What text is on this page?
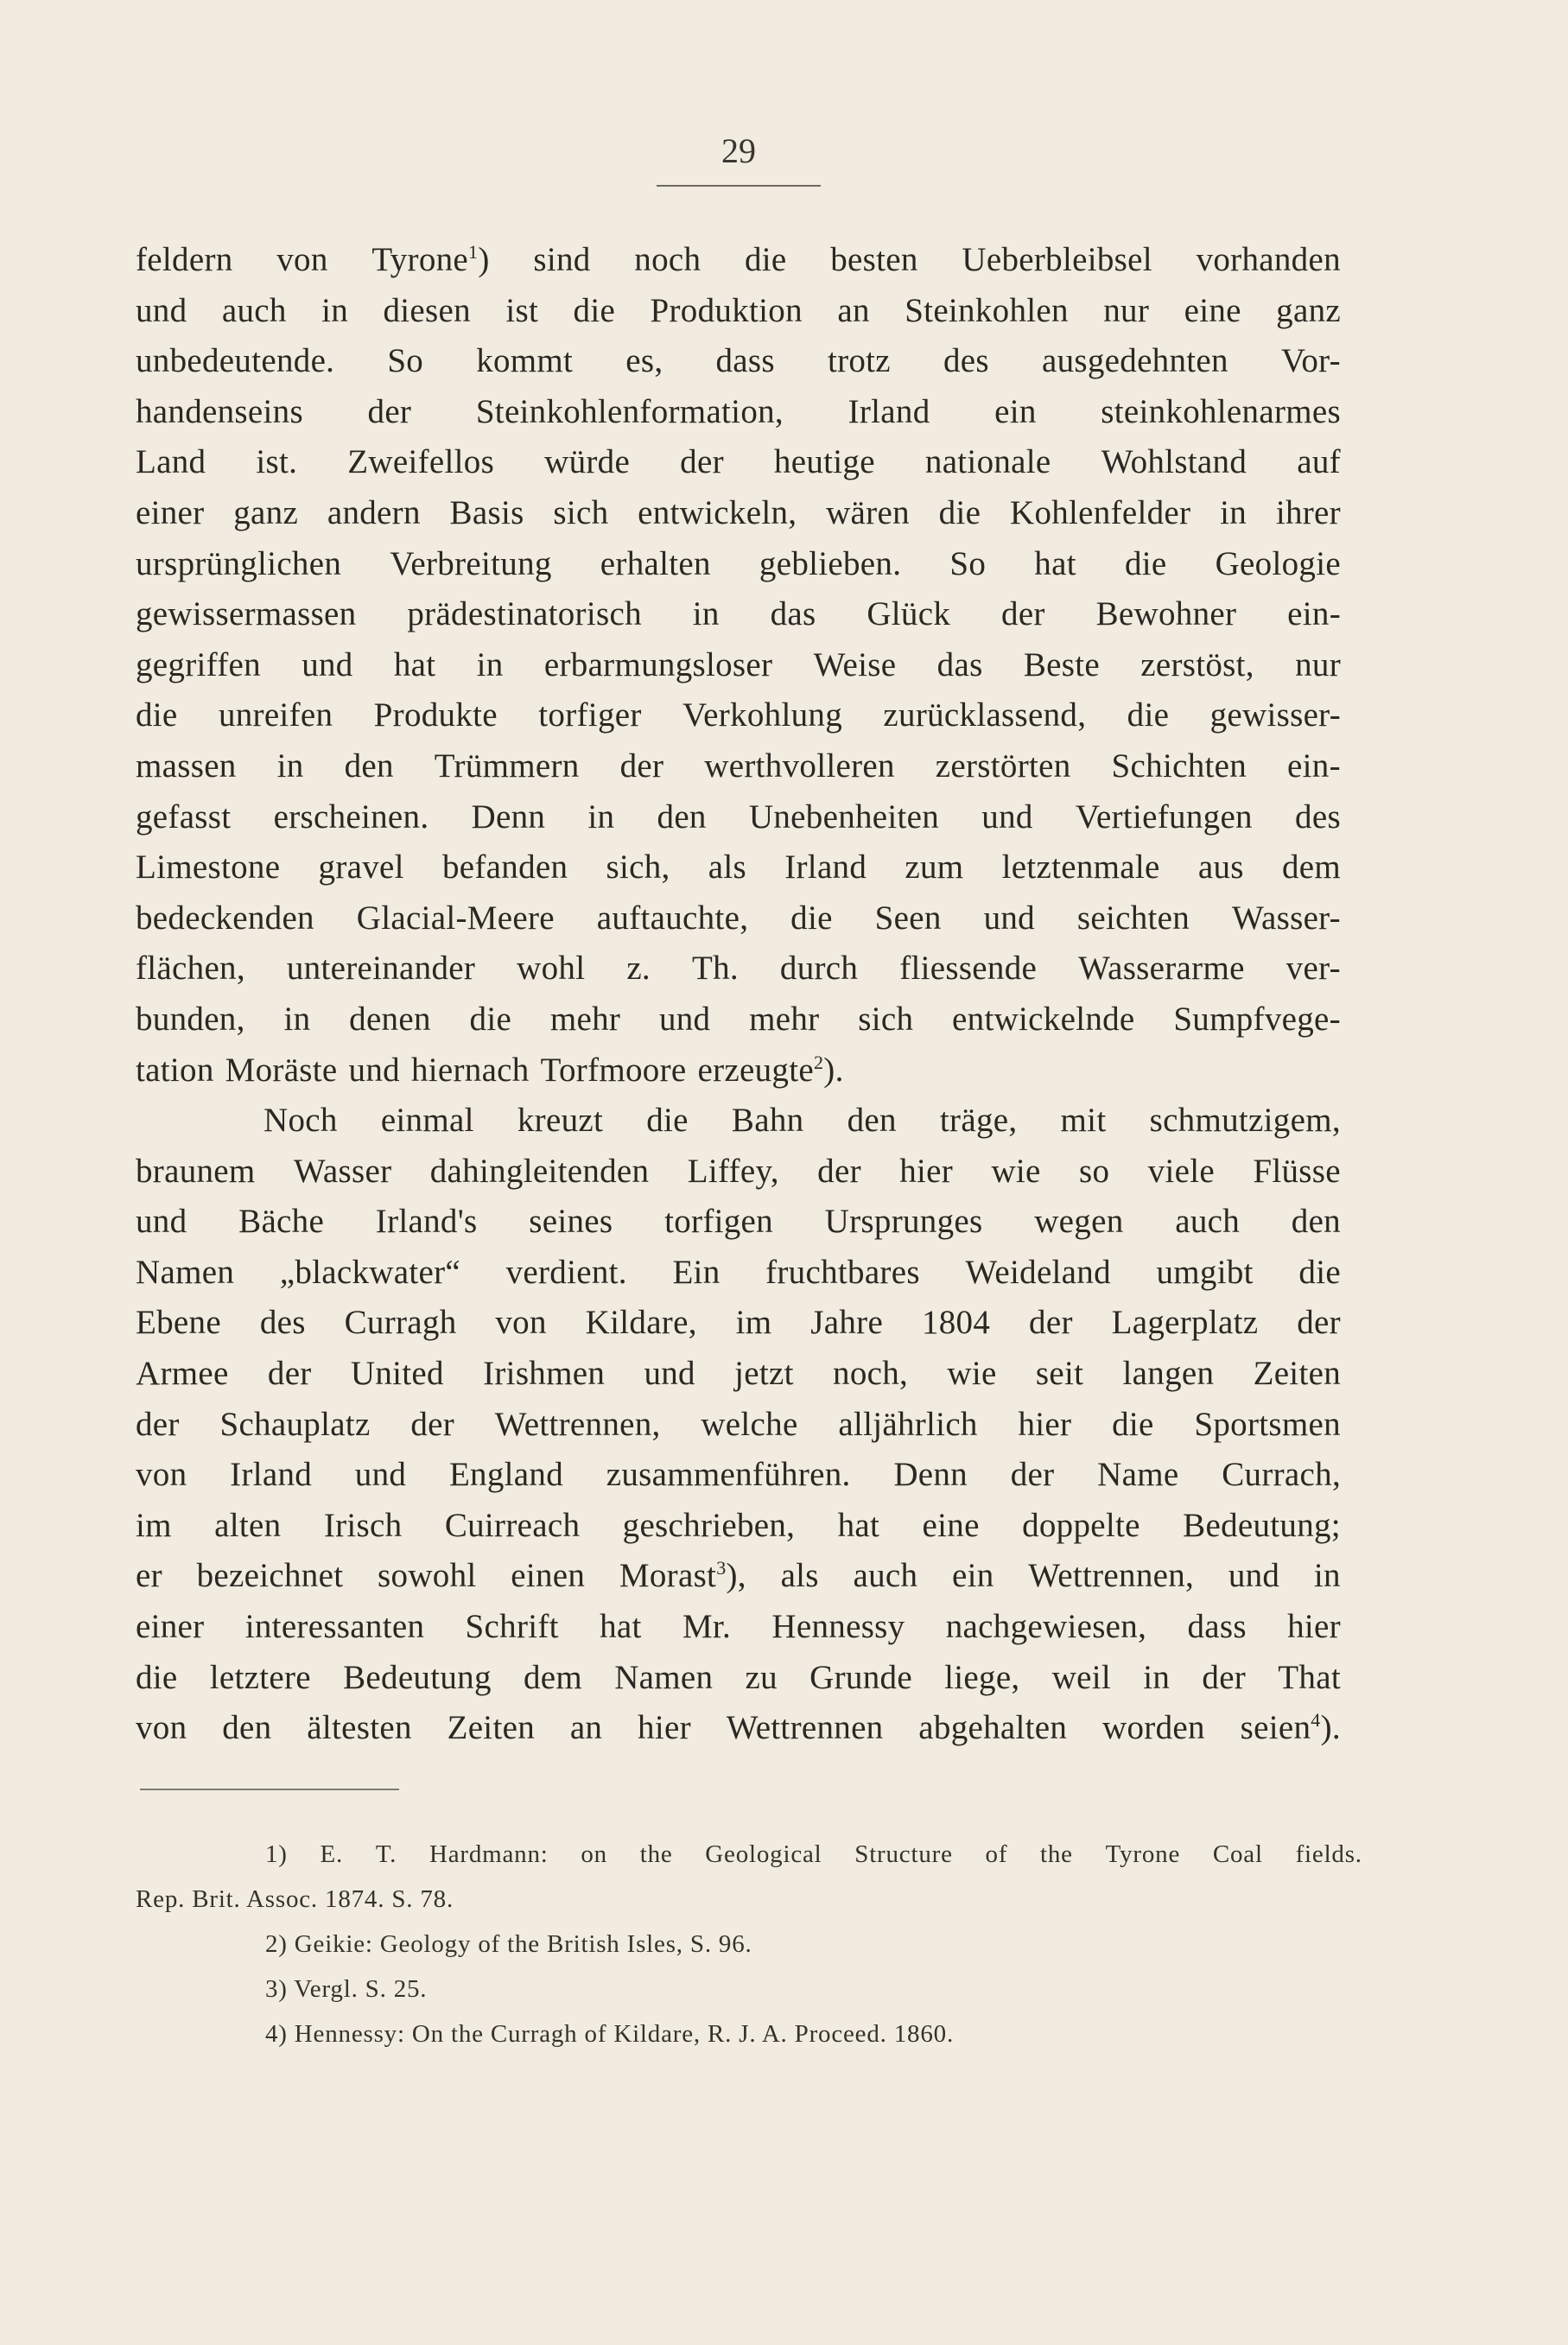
29
feldern von Tyrone$^1$) sind noch die besten Ueberbleibsel vorhanden
und auch in diesen ist die Produktion an Steinkohlen nur eine ganz
unbedeutende. So kommt es, dass trotz des ausgedehnten Vor-
handenseins der Steinkohlenformation, Irland ein steinkohlenarmes
Land ist. Zweifellos würde der heutige nationale Wohlstand auf
einer ganz andern Basis sich entwickeln, wären die Kohlenfelder in ihrer
ursprünglichen Verbreitung erhalten geblieben. So hat die Geologie
gewissermassen prädestinatorisch in das Glück der Bewohner ein-
gegriffen und hat in erbarmungsloser Weise das Beste zerstöst, nur
die unreifen Produkte torfiger Verkohlung zurücklassend, die gewisser-
massen in den Trümmern der werthvolleren zerstörten Schichten ein-
gefasst erscheinen. Denn in den Unebenheiten und Vertiefungen des
Limestone gravel befanden sich, als Irland zum letztenmale aus dem
bedeckenden Glacial-Meere auftauchte, die Seen und seichten Wasser-
flächen, untereinander wohl z. Th. durch fliessende Wasserarme ver-
bunden, in denen die mehr und mehr sich entwickelnde Sumpfvege-
tation Moräste und hiernach Torfmoore erzeugte$^2$).
Noch einmal kreuzt die Bahn den träge, mit schmutzigem,
braunem Wasser dahingleitenden Liffey, der hier wie so viele Flüsse
und Bäche Irland's seines torfigen Ursprunges wegen auch den
Namen „blackwater“ verdient. Ein fruchtbares Weideland umgibt die
Ebene des Curragh von Kildare, im Jahre 1804 der Lagerplatz der
Armee der United Irishmen und jetzt noch, wie seit langen Zeiten
der Schauplatz der Wettrennen, welche alljährlich hier die Sportsmen
von Irland und England zusammenführen. Denn der Name Currach,
im alten Irisch Cuirreach geschrieben, hat eine doppelte Bedeutung;
er bezeichnet sowohl einen Morast$^3$), als auch ein Wettrennen, und in
einer interessanten Schrift hat Mr. Hennessy nachgewiesen, dass hier
die letztere Bedeutung dem Namen zu Grunde liege, weil in der That
von den ältesten Zeiten an hier Wettrennen abgehalten worden seien$^4$).
1) E. T. Hardmann: on the Geological Structure of the Tyrone Coal fields.
Rep. Brit. Assoc. 1874. S. 78.
2) Geikie: Geology of the British Isles, S. 96.
3) Vergl. S. 25.
4) Hennessy: On the Curragh of Kildare, R. J. A. Proceed. 1860.
